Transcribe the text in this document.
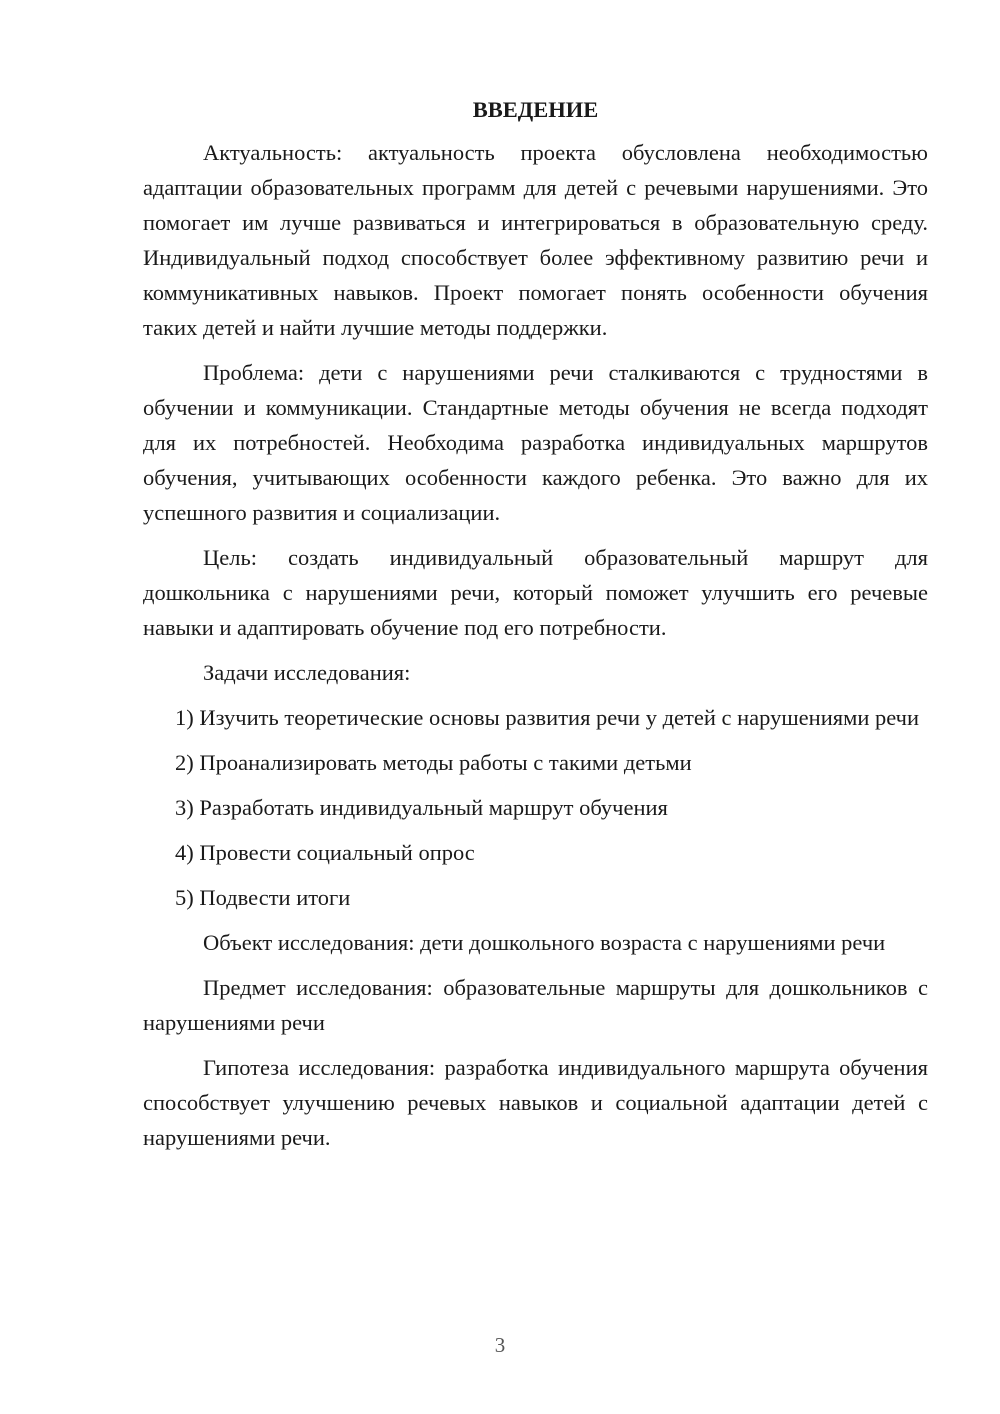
ВВЕДЕНИЕ

Актуальность: актуальность проекта обусловлена необходимостью адаптации образовательных программ для детей с речевыми нарушениями. Это помогает им лучше развиваться и интегрироваться в образовательную среду. Индивидуальный подход способствует более эффективному развитию речи и коммуникативных навыков. Проект помогает понять особенности обучения таких детей и найти лучшие методы поддержки.

Проблема: дети с нарушениями речи сталкиваются с трудностями в обучении и коммуникации. Стандартные методы обучения не всегда подходят для их потребностей. Необходима разработка индивидуальных маршрутов обучения, учитывающих особенности каждого ребенка. Это важно для их успешного развития и социализации.

Цель: создать индивидуальный образовательный маршрут для дошкольника с нарушениями речи, который поможет улучшить его речевые навыки и адаптировать обучение под его потребности.

Задачи исследования:

1) Изучить теоретические основы развития речи у детей с нарушениями речи

2) Проанализировать методы работы с такими детьми

3) Разработать индивидуальный маршрут обучения

4) Провести социальный опрос

5) Подвести итоги

Объект исследования: дети дошкольного возраста с нарушениями речи

Предмет исследования: образовательные маршруты для дошкольников с нарушениями речи

Гипотеза исследования: разработка индивидуального маршрута обучения способствует улучшению речевых навыков и социальной адаптации детей с нарушениями речи.

3
